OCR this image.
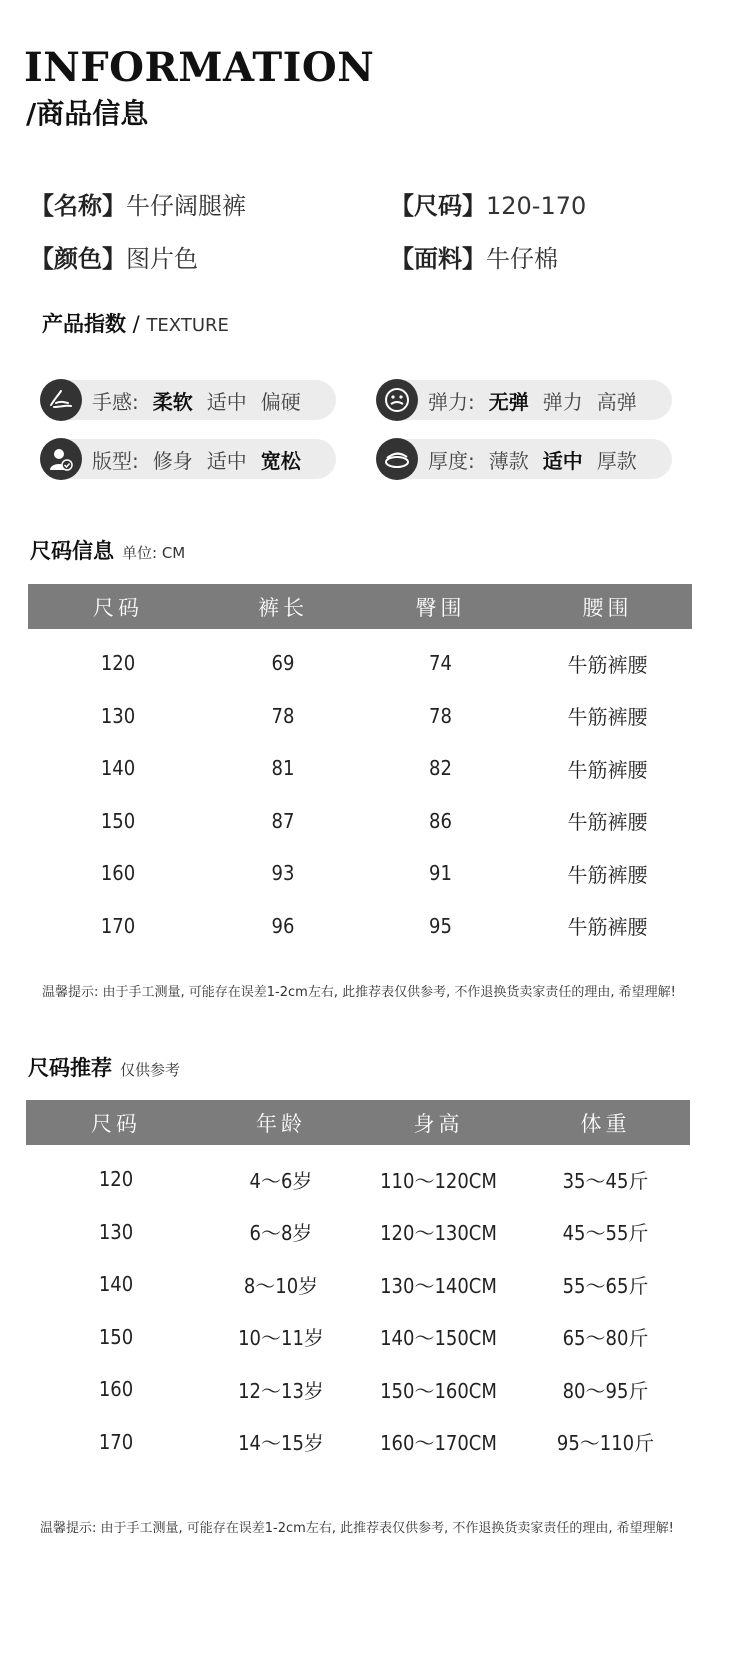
INFORMATION
/商品信息
【名称】牛仔阔腿裤	【尺码】120-170
【颜色】图片色	【面料】牛仔棉
产品指数 / TEXTURE
手感: 柔软 适中 偏硬	弹力: 无弹 弹力 高弹
版型: 修身 适中 宽松	厚度: 薄款 适中 厚款
尺码信息 单位: CM
尺码	裤长	臀围	腰围
120	69	74	牛筋裤腰
130	78	78	牛筋裤腰
140	81	82	牛筋裤腰
150	87	86	牛筋裤腰
160	93	91	牛筋裤腰
170	96	95	牛筋裤腰
温馨提示: 由于手工测量, 可能存在误差1-2cm左右, 此推荐表仅供参考, 不作退换货卖家责任的理由, 希望理解!
尺码推荐 仅供参考
尺码	年龄	身高	体重
120	4～6岁	110～120CM	35～45斤
130	6～8岁	120～130CM	45～55斤
140	8～10岁	130～140CM	55～65斤
150	10～11岁	140～150CM	65～80斤
160	12～13岁	150～160CM	80～95斤
170	14～15岁	160～170CM	95～110斤
温馨提示: 由于手工测量, 可能存在误差1-2cm左右, 此推荐表仅供参考, 不作退换货卖家责任的理由, 希望理解!
